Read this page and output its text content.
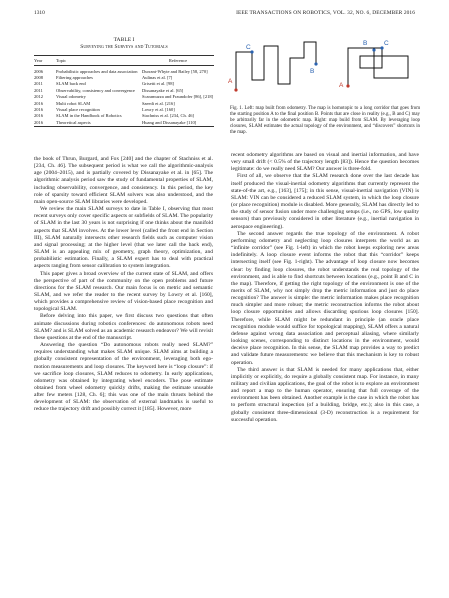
1310	IEEE TRANSACTIONS ON ROBOTICS, VOL. 32, NO. 6, DECEMBER 2016
TABLE I
Surveying the Surveys and Tutorials
Year	Topic	Reference
2006	Probabilistic approaches and data association	Durrant-Whyte and Bailey [58, 270]
2008	Filtering approaches	Aulinas et al. [7]
2011	SLAM back end	Grisetti et al. [98]
2011	Observability, consistency and convergence	Dissanayake et al. [65]
2012	Visual odometry	Scaramuzza and Fraundofer [86], [218]
2016	Multi robot SLAM	Saeedi et al. [216]
2016	Visual place recognition	Lowry et al. [160]
2016	SLAM in the Handbook of Robotics	Stachniss et al. [234, Ch. 46]
2016	Theoretical aspects	Huang and Dissanayake [110]
A
B
C
A
B	C
Fig. 1. Left: map built from odometry. The map is homotopic to a long corridor that goes from the starting position A to the final position B. Points that are close in reality (e.g., B and C) may be arbitrarily far in the odometric map. Right: map build from SLAM. By leveraging loop closures, SLAM estimates the actual topology of the environment, and “discovers” shortcuts in the map.

the book of Thrun, Burgard, and Fox [240] and the chapter of Stachniss et al. [234, Ch. 46]. The subsequent period is what we call the algorithmic-analysis age (2004–2015), and is partially covered by Dissanayake et al. in [65]. The algorithmic analysis period saw the study of fundamental properties of SLAM, including observability, convergence, and consistency. In this period, the key role of sparsity toward efficient SLAM solvers was also understood, and the main open-source SLAM libraries were developed.

We review the main SLAM surveys to date in Table I, observing that most recent surveys only cover specific aspects or subfields of SLAM. The popularity of SLAM in the last 30 years is not surprising if one thinks about the manifold aspects that SLAM involves. At the lower level (called the front end in Section III), SLAM naturally intersects other research fields such as computer vision and signal processing; at the higher level (that we later call the back end), SLAM is an appealing mix of geometry, graph theory, optimization, and probabilistic estimation. Finally, a SLAM expert has to deal with practical aspects ranging from sensor calibration to system integration.

This paper gives a broad overview of the current state of SLAM, and offers the perspective of part of the community on the open problems and future directions for the SLAM research. Our main focus is on metric and semantic SLAM, and we refer the reader to the recent survey by Lowry et al. [160], which provides a comprehensive review of vision-based place recognition and topological SLAM.

Before delving into this paper, we first discuss two questions that often animate discussions during robotics conferences: do autonomous robots need SLAM? and is SLAM solved as an academic research endeavor? We will revisit these questions at the end of the manuscript.

Answering the question “Do autonomous robots really need SLAM?” requires understanding what makes SLAM unique. SLAM aims at building a globally consistent representation of the environment, leveraging both ego-motion measurements and loop closures. The keyword here is “loop closure”: if we sacrifice loop closures, SLAM reduces to odometry. In early applications, odometry was obtained by integrating wheel encoders. The pose estimate obtained from wheel odometry quickly drifts, making the estimate unusable after few meters [128, Ch. 6]; this was one of the main thrusts behind the development of SLAM: the observation of external landmarks is useful to reduce the trajectory drift and possibly correct it [185]. However, more

recent odometry algorithms are based on visual and inertial information, and have very small drift (< 0.5% of the trajectory length [83]). Hence the question becomes legitimate: do we really need SLAM? Our answer is three-fold.

First of all, we observe that the SLAM research done over the last decade has itself produced the visual-inertial odometry algorithms that currently represent the state-of-the art, e.g., [163], [175]; in this sense, visual-inertial navigation (VIN) is SLAM: VIN can be considered a reduced SLAM system, in which the loop closure (or place recognition) module is disabled. More generally, SLAM has directly led to the study of sensor fusion under more challenging setups (i.e., no GPS, low quality sensors) than previously considered in other literature (e.g., inertial navigation in aerospace engineering).

The second answer regards the true topology of the environment. A robot performing odometry and neglecting loop closures interprets the world as an “infinite corridor” (see Fig. 1-left) in which the robot keeps exploring new areas indefinitely. A loop closure event informs the robot that this “corridor” keeps intersecting itself (see Fig. 1-right). The advantage of loop closure now becomes clear: by finding loop closures, the robot understands the real topology of the environment, and is able to find shortcuts between locations (e.g., point B and C in the map). Therefore, if getting the right topology of the environment is one of the merits of SLAM, why not simply drop the metric information and just do place recognition? The answer is simple: the metric information makes place recognition much simpler and more robust; the metric reconstruction informs the robot about loop closure opportunities and allows discarding spurious loop closures [150]. Therefore, while SLAM might be redundant in principle (an oracle place recognition module would suffice for topological mapping), SLAM offers a natural defense against wrong data association and perceptual aliasing, where similarly looking scenes, corresponding to distinct locations in the environment, would deceive place recognition. In this sense, the SLAM map provides a way to predict and validate future measurements: we believe that this mechanism is key to robust operation.

The third answer is that SLAM is needed for many applications that, either implicitly or explicitly, do require a globally consistent map. For instance, in many military and civilian applications, the goal of the robot is to explore an environment and report a map to the human operator, ensuring that full coverage of the environment has been obtained. Another example is the case in which the robot has to perform structural inspection (of a building, bridge, etc.); also in this case, a globally consistent three-dimensional (3-D) reconstruction is a requirement for successful operation.
